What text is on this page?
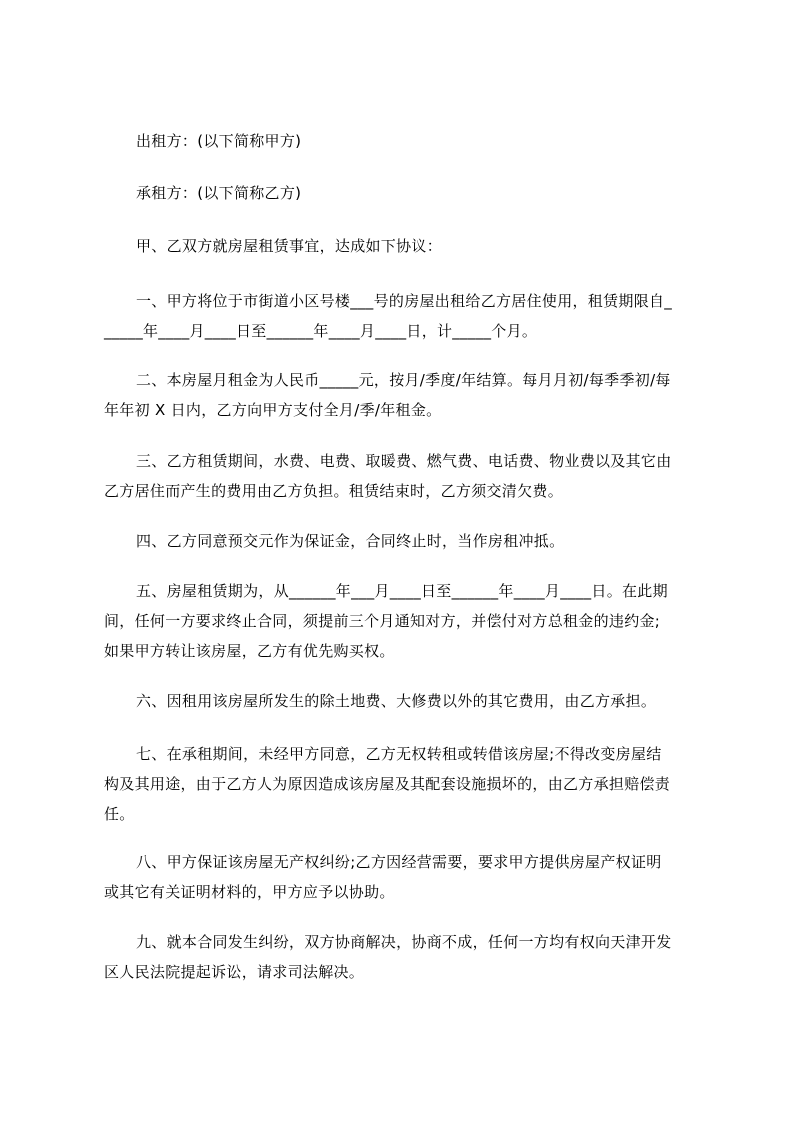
出租方：(以下简称甲方)
承租方：(以下简称乙方)
甲、乙双方就房屋租赁事宜，达成如下协议：
一、甲方将位于市街道小区号楼___号的房屋出租给乙方居住使用，租赁期限自_
_____年____月____日至______年____月____日，计_____个月。
二、本房屋月租金为人民币_____元，按月/季度/年结算。每月月初/每季季初/每
年年初 X 日内，乙方向甲方支付全月/季/年租金。
三、乙方租赁期间，水费、电费、取暖费、燃气费、电话费、物业费以及其它由
乙方居住而产生的费用由乙方负担。租赁结束时，乙方须交清欠费。
四、乙方同意预交元作为保证金，合同终止时，当作房租冲抵。
五、房屋租赁期为，从______年___月____日至______年____月____日。在此期
间，任何一方要求终止合同，须提前三个月通知对方，并偿付对方总租金的违约金;
如果甲方转让该房屋，乙方有优先购买权。
六、因租用该房屋所发生的除土地费、大修费以外的其它费用，由乙方承担。
七、在承租期间，未经甲方同意，乙方无权转租或转借该房屋;不得改变房屋结
构及其用途，由于乙方人为原因造成该房屋及其配套设施损坏的，由乙方承担赔偿责
任。
八、甲方保证该房屋无产权纠纷;乙方因经营需要，要求甲方提供房屋产权证明
或其它有关证明材料的，甲方应予以协助。
九、就本合同发生纠纷，双方协商解决，协商不成，任何一方均有权向天津开发
区人民法院提起诉讼，请求司法解决。
